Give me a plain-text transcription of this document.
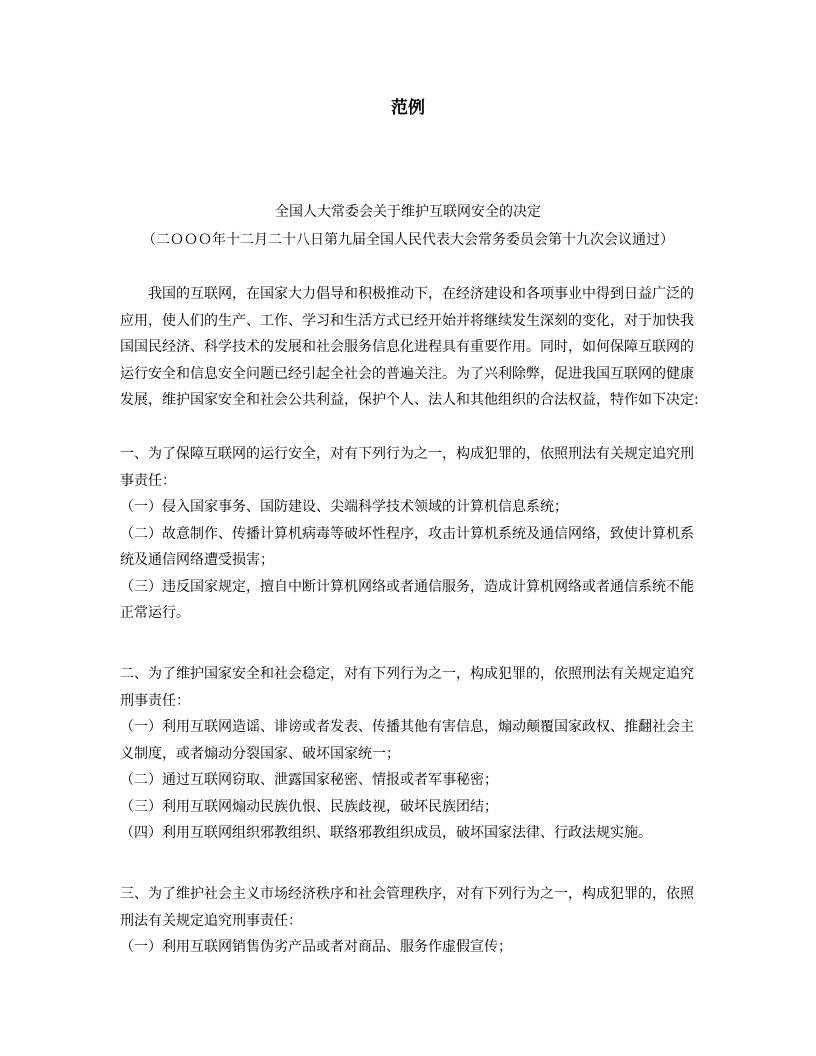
范例
全国人大常委会关于维护互联网安全的决定
（二ＯＯＯ年十二月二十八日第九届全国人民代表大会常务委员会第十九次会议通过）
我国的互联网，在国家大力倡导和积极推动下，在经济建设和各项事业中得到日益广泛的
应用，使人们的生产、工作、学习和生活方式已经开始并将继续发生深刻的变化，对于加快我
国国民经济、科学技术的发展和社会服务信息化进程具有重要作用。同时，如何保障互联网的
运行安全和信息安全问题已经引起全社会的普遍关注。为了兴利除弊，促进我国互联网的健康
发展，维护国家安全和社会公共利益，保护个人、法人和其他组织的合法权益，特作如下决定:
一、为了保障互联网的运行安全，对有下列行为之一，构成犯罪的，依照刑法有关规定追究刑
事责任：
（一）侵入国家事务、国防建设、尖端科学技术领域的计算机信息系统；
（二）故意制作、传播计算机病毒等破坏性程序，攻击计算机系统及通信网络，致使计算机系
统及通信网络遭受损害；
（三）违反国家规定，擅自中断计算机网络或者通信服务，造成计算机网络或者通信系统不能
正常运行。
二、为了维护国家安全和社会稳定，对有下列行为之一，构成犯罪的，依照刑法有关规定追究
刑事责任：
（一）利用互联网造谣、诽谤或者发表、传播其他有害信息，煽动颠覆国家政权、推翻社会主
义制度，或者煽动分裂国家、破坏国家统一；
（二）通过互联网窃取、泄露国家秘密、情报或者军事秘密；
（三）利用互联网煽动民族仇恨、民族歧视，破坏民族团结；
（四）利用互联网组织邪教组织、联络邪教组织成员，破坏国家法律、行政法规实施。
三、为了维护社会主义市场经济秩序和社会管理秩序，对有下列行为之一，构成犯罪的，依照
刑法有关规定追究刑事责任：
（一）利用互联网销售伪劣产品或者对商品、服务作虚假宣传；
